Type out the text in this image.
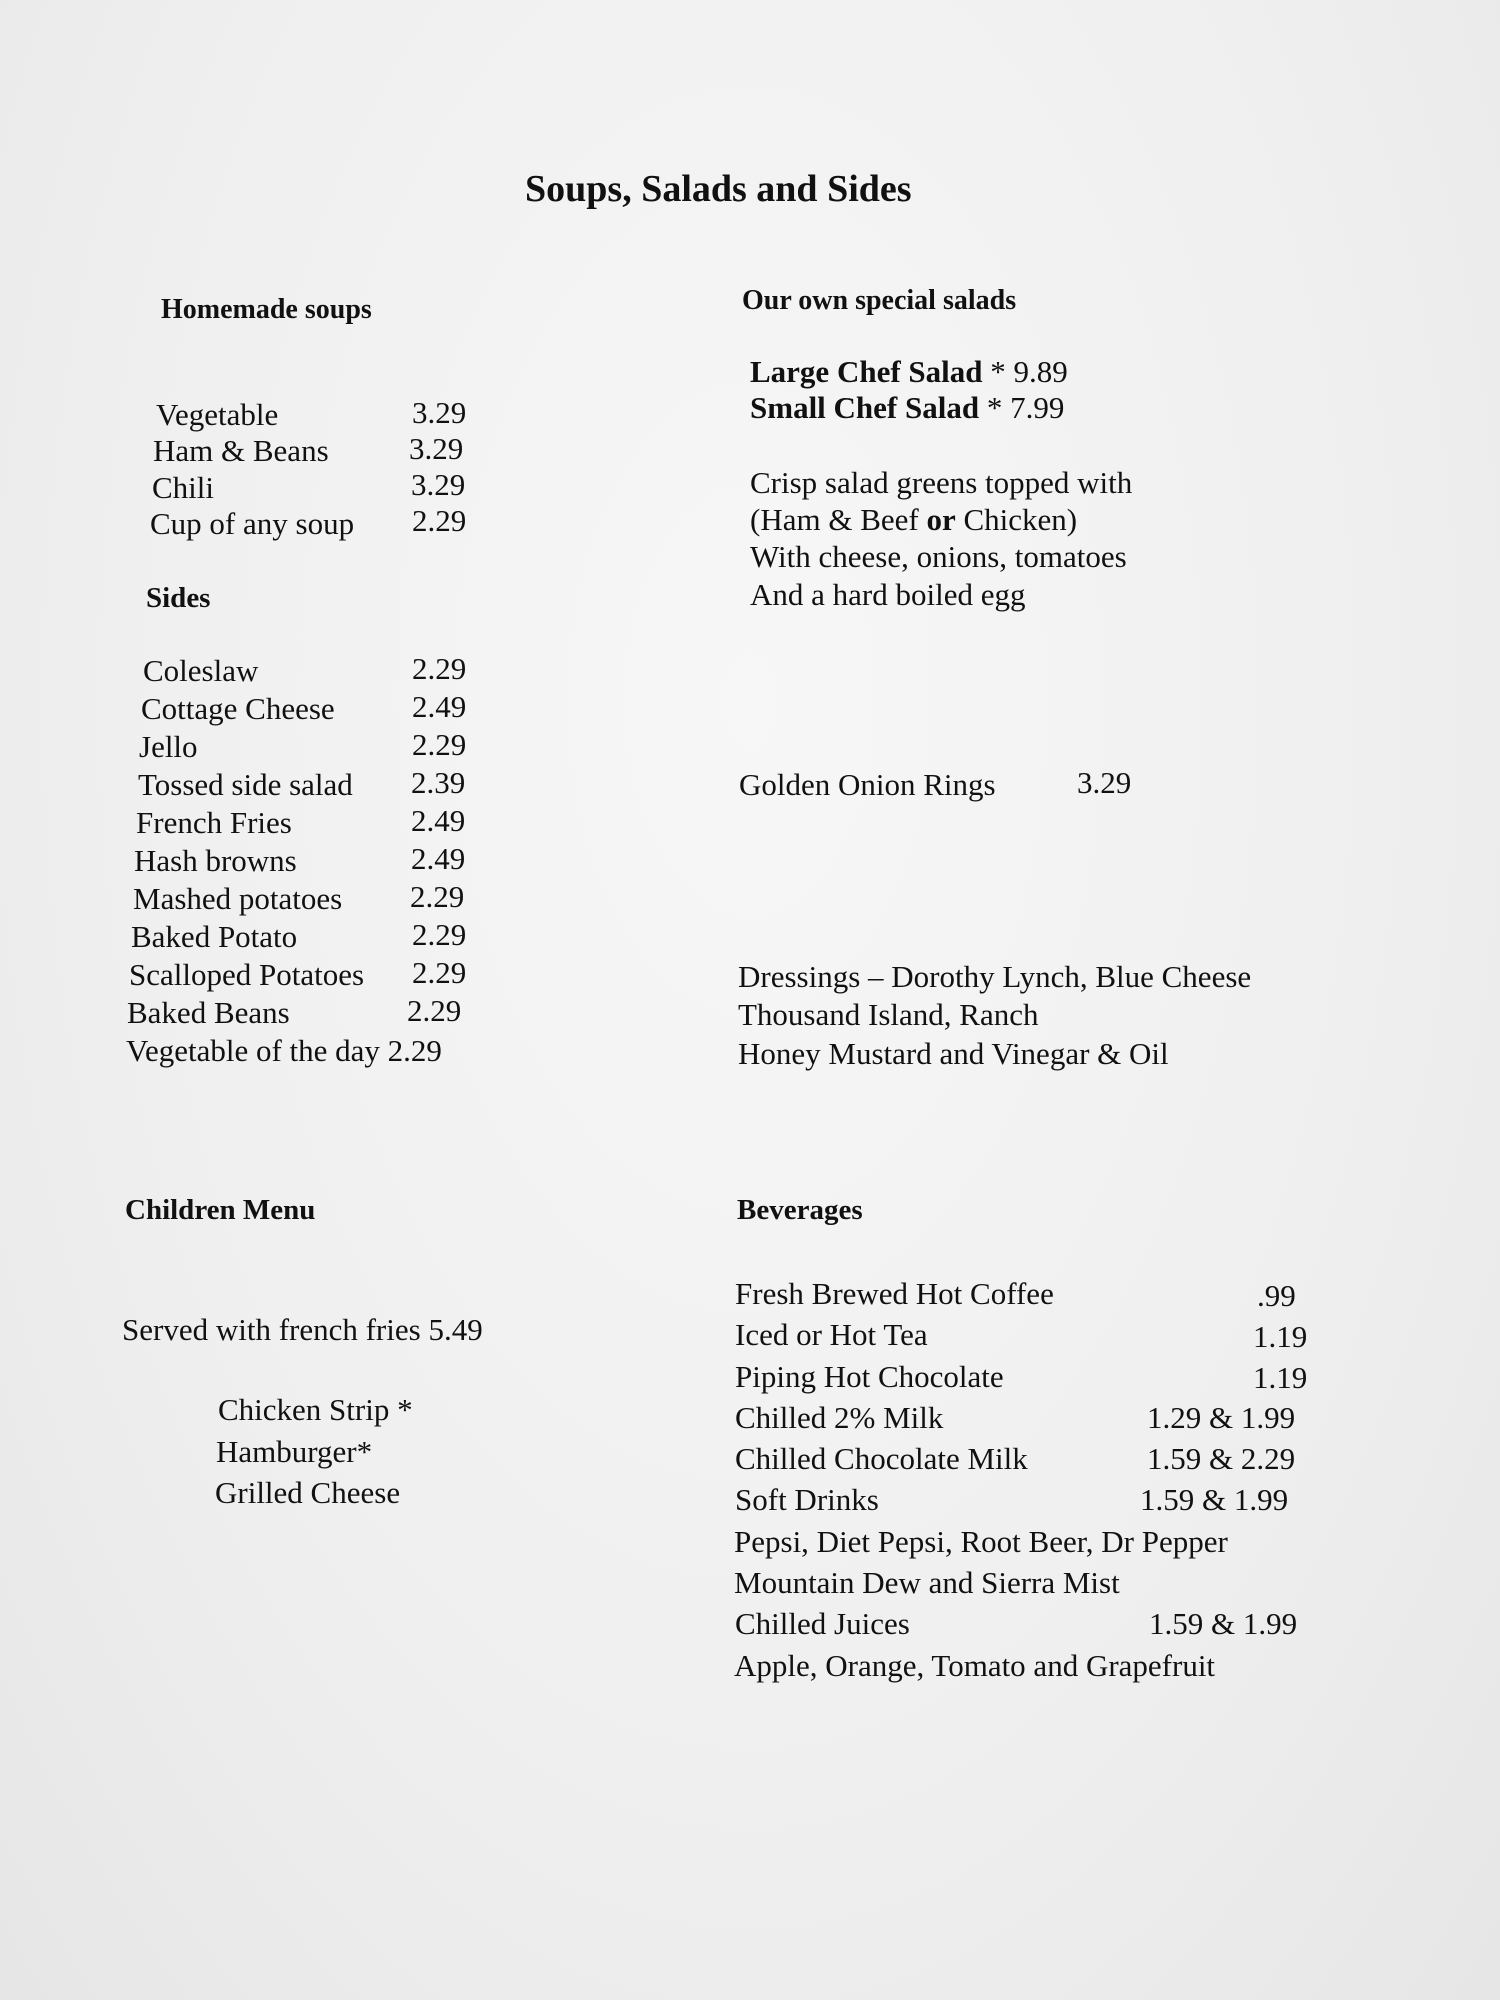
Soups, Salads and Sides
Homemade soups
Vegetable	3.29
Ham & Beans	3.29
Chili	3.29
Cup of any soup 2.29
Sides
Coleslaw	2.29
Cottage Cheese 2.49
Jello	2.29
Tossed side salad 2.39
French Fries	2.49
Hash browns	2.49
Mashed potatoes 2.29
Baked Potato	2.29
Scalloped Potatoes 2.29
Baked Beans	2.29
Vegetable of the day 2.29
Our own special salads
Large Chef Salad * 9.89
Small Chef Salad * 7.99
Crisp salad greens topped with
(Ham & Beef or Chicken)
With cheese, onions, tomatoes
And a hard boiled egg
Golden Onion Rings	3.29
Dressings – Dorothy Lynch, Blue Cheese
Thousand Island, Ranch
Honey Mustard and Vinegar & Oil
Children Menu
Served with french fries 5.49
Chicken Strip *
Hamburger*
Grilled Cheese
Beverages
Fresh Brewed Hot Coffee	.99
Iced or Hot Tea	1.19
Piping Hot Chocolate	1.19
Chilled 2% Milk	1.29 & 1.99
Chilled Chocolate Milk	1.59 & 2.29
Soft Drinks	1.59 & 1.99
Pepsi, Diet Pepsi, Root Beer, Dr Pepper
Mountain Dew and Sierra Mist
Chilled Juices	1.59 & 1.99
Apple, Orange, Tomato and Grapefruit
